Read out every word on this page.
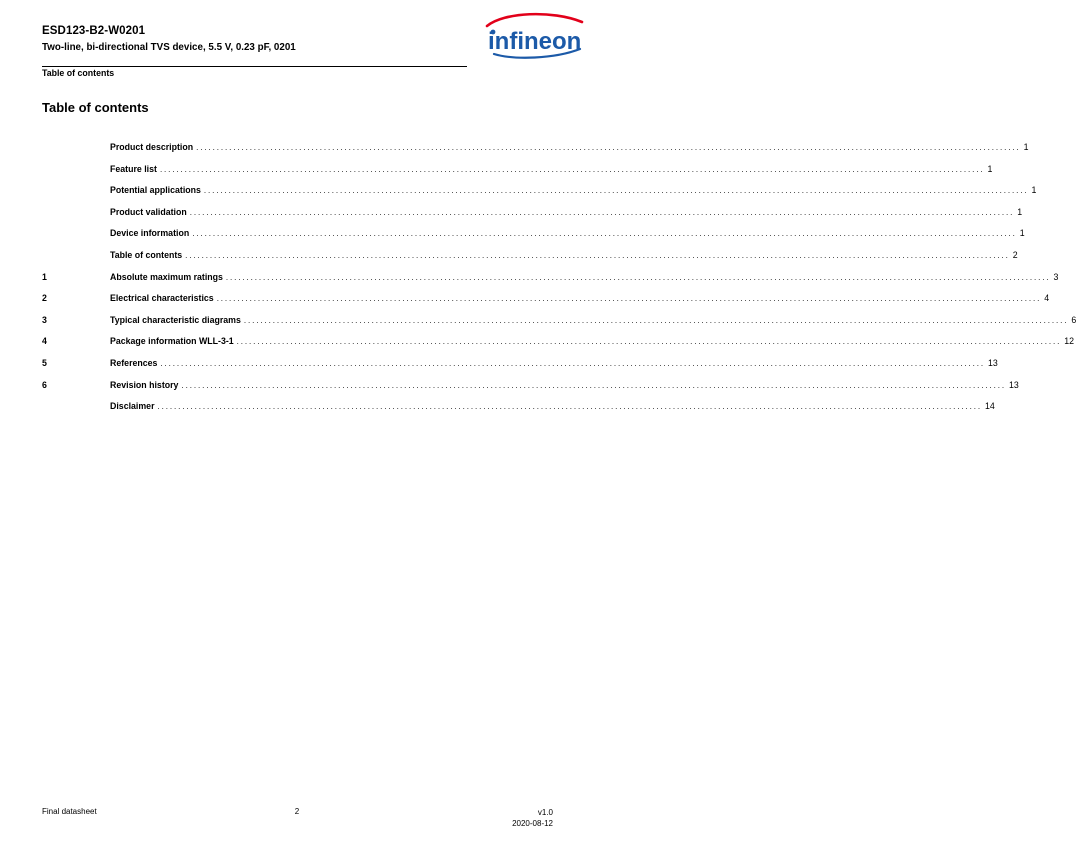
ESD123-B2-W0201
Two-line, bi-directional TVS device, 5.5 V, 0.23 pF, 0201
Table of contents
infineon
Table of contents
Product description ........................................................................................................................................................................................................ 1
Feature list ........................................................................................................................................................................................................ 1
Potential applications ........................................................................................................................................................................................................ 1
Product validation ........................................................................................................................................................................................................ 1
Device information ........................................................................................................................................................................................................ 1
Table of contents ........................................................................................................................................................................................................ 2
1	Absolute maximum ratings ........................................................................................................................................................................................................ 3
2	Electrical characteristics ........................................................................................................................................................................................................ 4
3	Typical characteristic diagrams ........................................................................................................................................................................................................ 6
4	Package information WLL-3-1 ........................................................................................................................................................................................................ 12
5	References ........................................................................................................................................................................................................ 13
6	Revision history ........................................................................................................................................................................................................ 13
Disclaimer ........................................................................................................................................................................................................ 14
Final datasheet	2	v1.0
2020-08-12
